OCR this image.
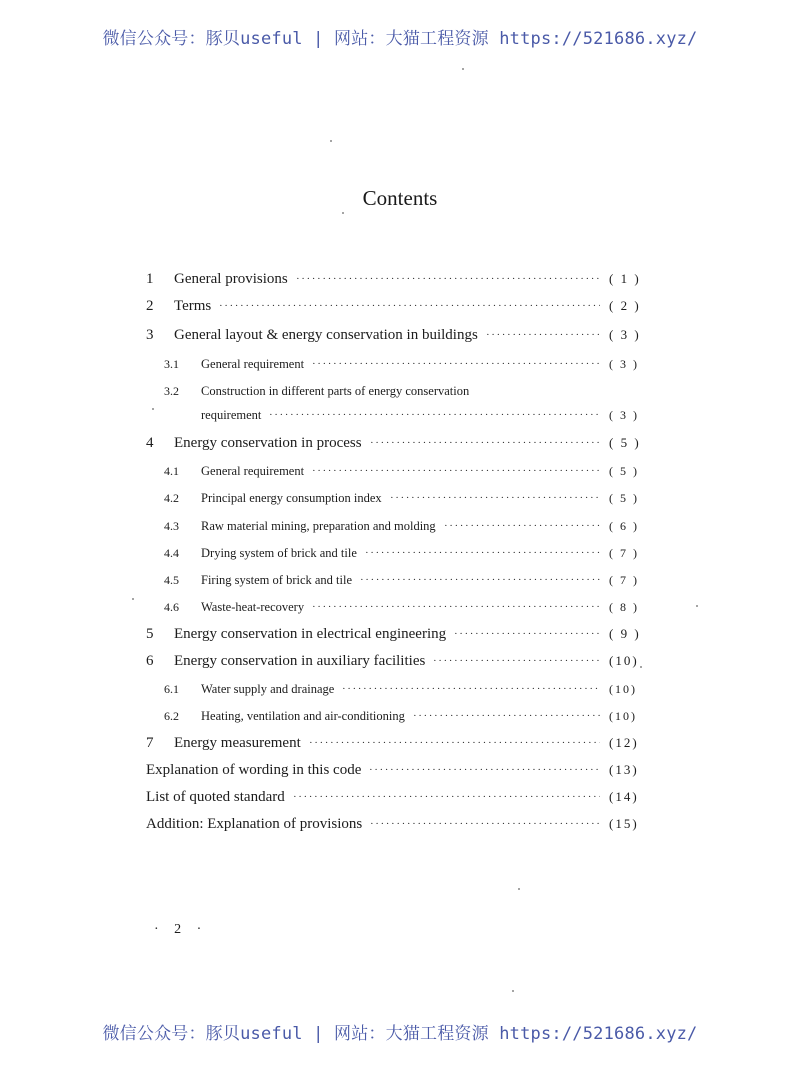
微信公众号：豚贝useful | 网站：大猫工程资源 https://521686.xyz/
Contents
1 General provisions ·····	( 1 )
2 Terms ·····	( 2 )
3 General layout & energy conservation in buildings ·····	( 3 )
3.1 General requirement ·····	( 3 )
3.2 Construction in different parts of energy conservation
requirement ·····	( 3 )
4 Energy conservation in process ·····	( 5 )
4.1 General requirement ·····	( 5 )
4.2 Principal energy consumption index ·····	( 5 )
4.3 Raw material mining, preparation and molding ·····	( 6 )
4.4 Drying system of brick and tile ·····	( 7 )
4.5 Firing system of brick and tile ·····	( 7 )
4.6 Waste-heat-recovery ·····	( 8 )
5 Energy conservation in electrical engineering ·····	( 9 )
6 Energy conservation in auxiliary facilities ·····	(10)
6.1 Water supply and drainage ·····	(10)
6.2 Heating, ventilation and air-conditioning ·····	(10)
7 Energy measurement ·····	(12)
Explanation of wording in this code ·····	(13)
List of quoted standard ·····	(14)
Addition: Explanation of provisions ·····	(15)
· 2 ·
微信公众号：豚贝useful | 网站：大猫工程资源 https://521686.xyz/
